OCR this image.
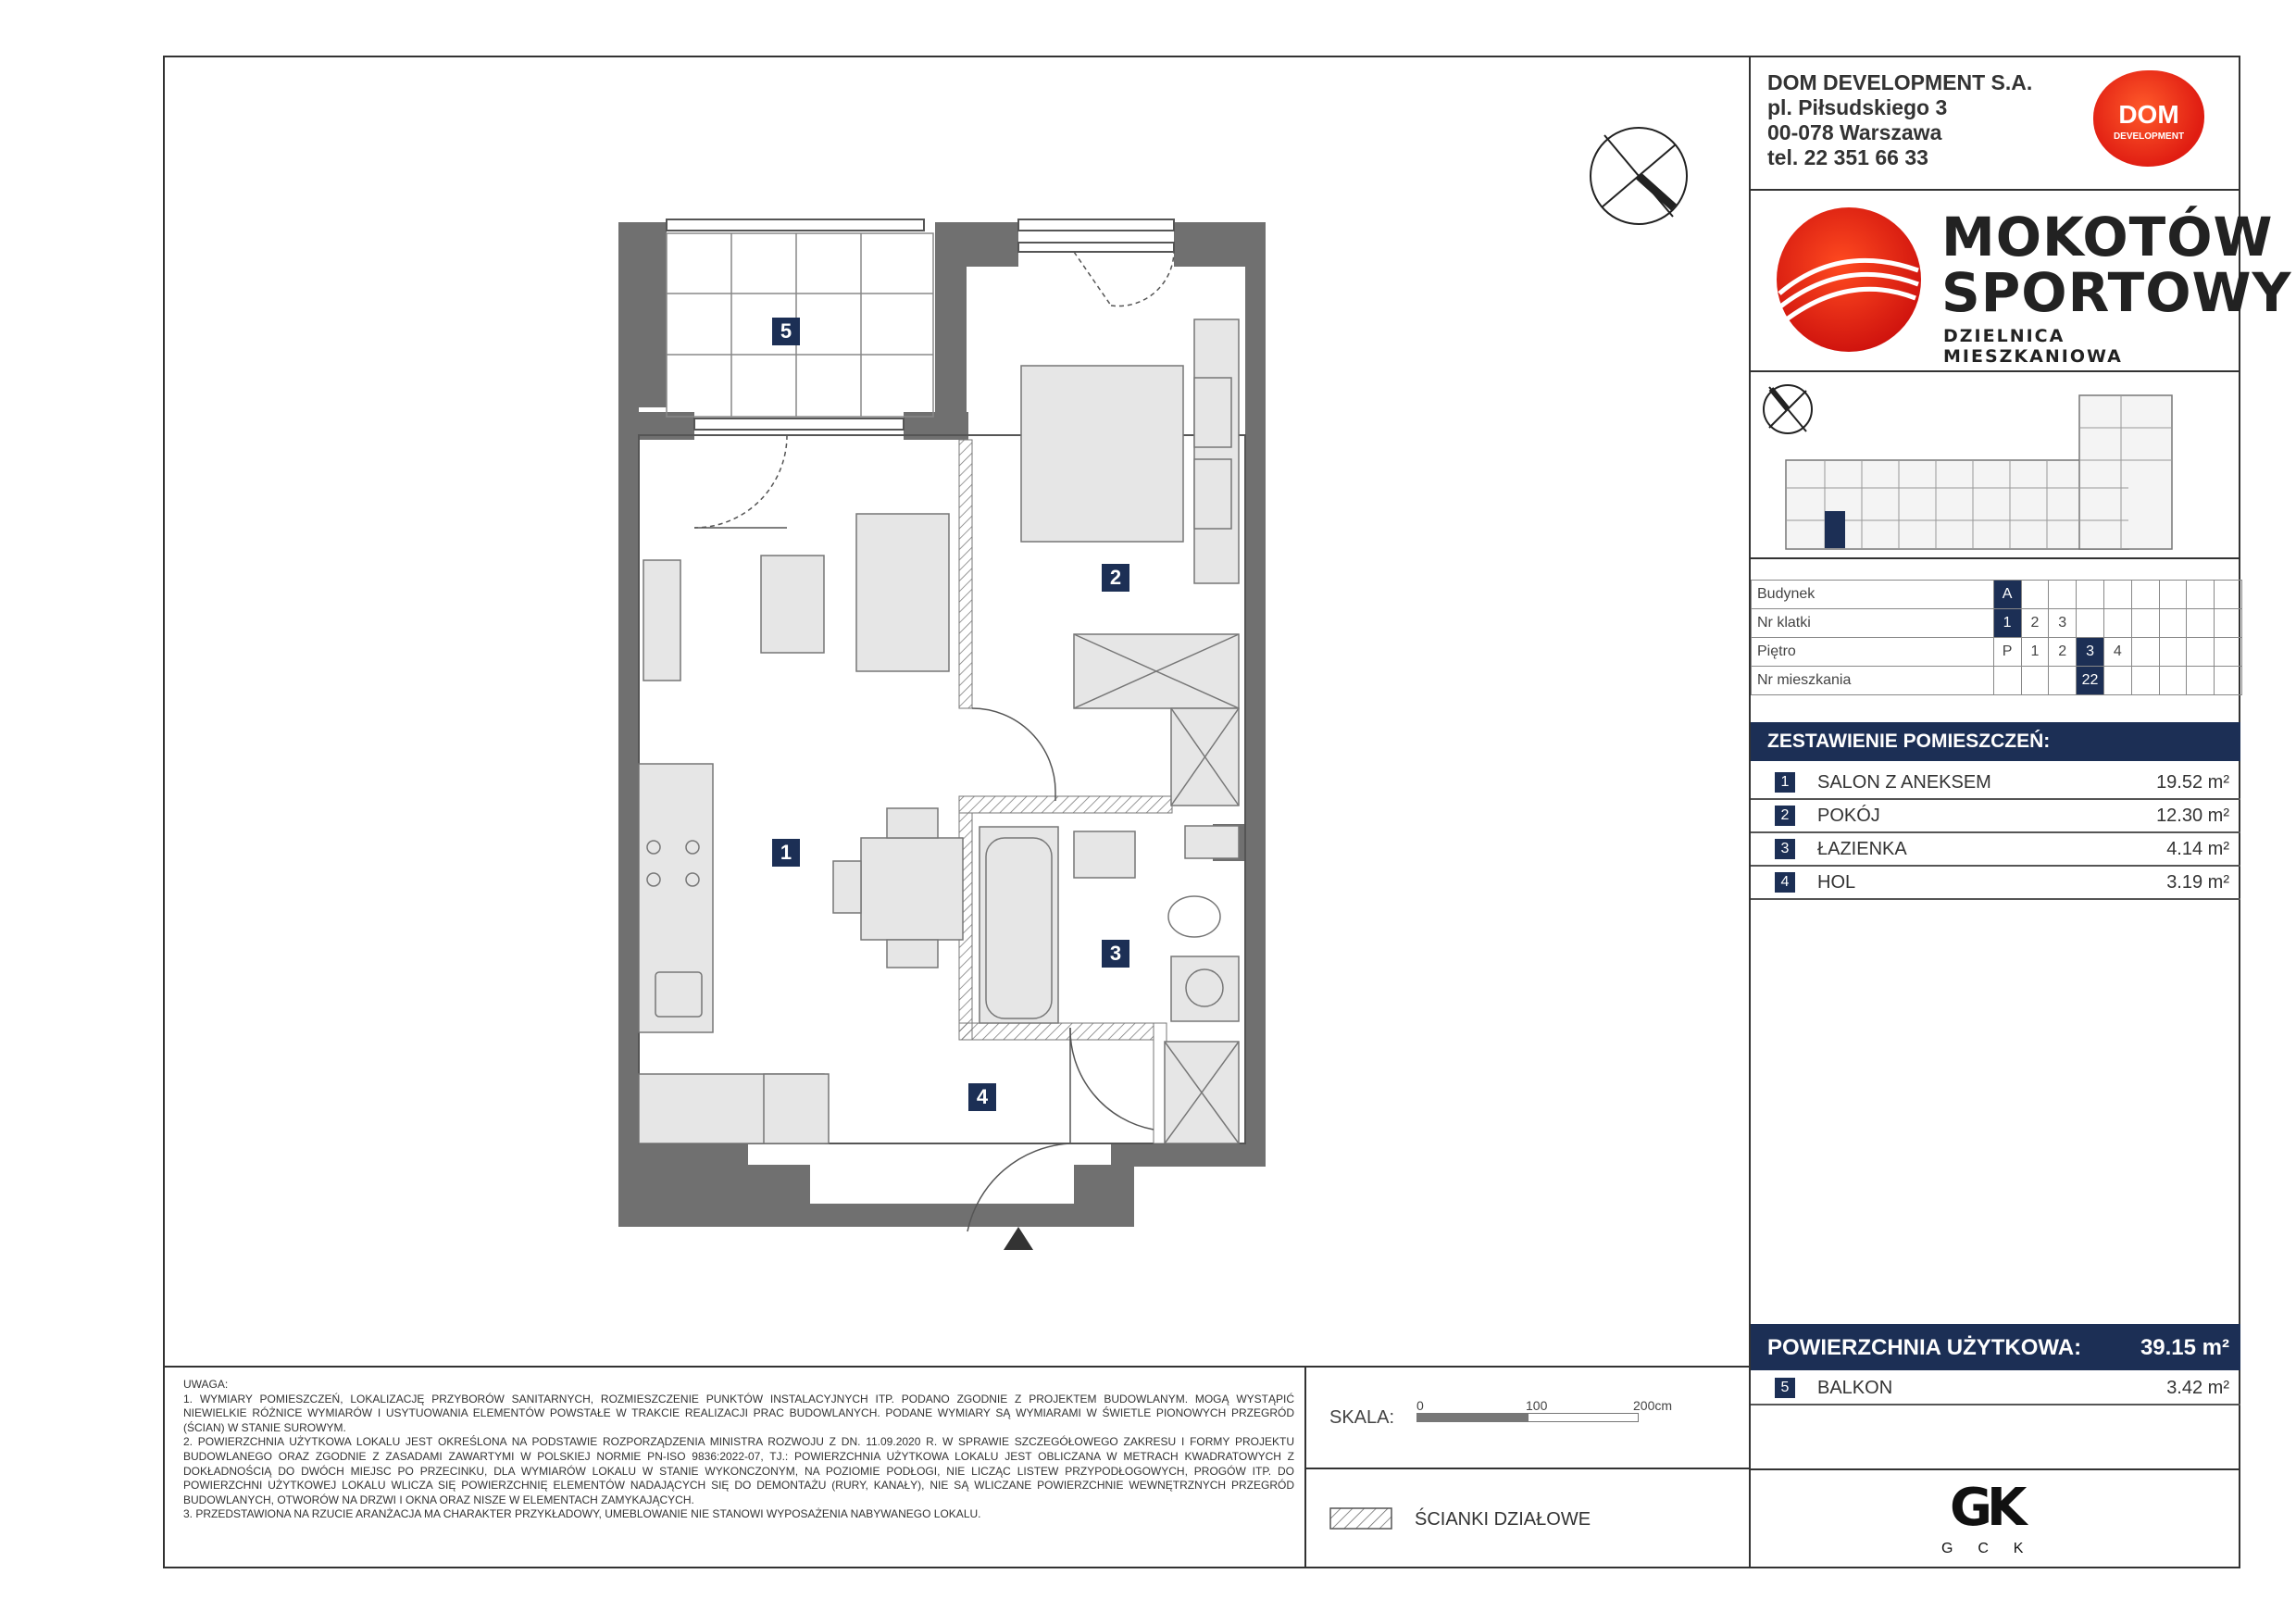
1
2
3
4
5

UWAGA:

1. WYMIARY POMIESZCZEŃ, LOKALIZACJĘ PRZYBORÓW SANITARNYCH, ROZMIESZCZENIE PUNKTÓW INSTALACYJNYCH ITP. PODANO ZGODNIE Z PROJEKTEM BUDOWLANYM. MOGĄ WYSTĄPIĆ NIEWIELKIE RÓŻNICE WYMIARÓW I USYTUOWANIA ELEMENTÓW POWSTAŁE W TRAKCIE REALIZACJI PRAC BUDOWLANYCH. PODANE WYMIARY SĄ WYMIARAMI W ŚWIETLE PIONOWYCH PRZEGRÓD (ŚCIAN) W STANIE SUROWYM.

2. POWIERZCHNIA UŻYTKOWA LOKALU JEST OKREŚLONA NA PODSTAWIE ROZPORZĄDZENIA MINISTRA ROZWOJU Z DN. 11.09.2020 R. W SPRAWIE SZCZEGÓŁOWEGO ZAKRESU I FORMY PROJEKTU BUDOWLANEGO ORAZ ZGODNIE Z ZASADAMI ZAWARTYMI W POLSKIEJ NORMIE PN-ISO 9836:2022-07, TJ.: POWIERZCHNIA UŻYTKOWA LOKALU JEST OBLICZANA W METRACH KWADRATOWYCH Z DOKŁADNOŚCIĄ DO DWÓCH MIEJSC PO PRZECINKU, DLA WYMIARÓW LOKALU W STANIE WYKONCZONYM, NA POZIOMIE PODŁOGI, NIE LICZĄC LISTEW PRZYPODŁOGOWYCH, PROGÓW ITP. DO POWIERZCHNI UŻYTKOWEJ LOKALU WLICZA SIĘ POWIERZCHNIĘ ELEMENTÓW NADAJĄCYCH SIĘ DO DEMONTAŻU (RURY, KANAŁY), NIE SĄ WLICZANE POWIERZCHNIE WEWNĘTRZNYCH PRZEGRÓD BUDOWLANYCH, OTWORÓW NA DRZWI I OKNA ORAZ NISZE W ELEMENTACH ZAMYKAJĄCYCH.

3. PRZEDSTAWIONA NA RZUCIE ARANŻACJA MA CHARAKTER PRZYKŁADOWY, UMEBLOWANIE NIE STANOWI WYPOSAŻENIA NABYWANEGO LOKALU.

SKALA:
0	100	200cm
ŚCIANKI DZIAŁOWE
DOM DEVELOPMENT S.A.
pl. Piłsudskiego 3
00-078 Warszawa
tel. 22 351 66 33
DOM
DEVELOPMENT
MOKOTÓW
SPORTOWY
DZIELNICA MIESZKANIOWA
Budynek	A								
Nr klatki	1	2	3						
Piętro	P	1	2	3	4				
Nr mieszkania				22					
ZESTAWIENIE POMIESZCZEŃ:
1	SALON Z ANEKSEM	19.52 m²
2	POKÓJ	12.30 m²
3	ŁAZIENKA	4.14 m²
4	HOL	3.19 m²
POWIERZCHNIA UŻYTKOWA:	39.15 m²
5	BALKON	3.42 m²
GK
G  C  K
